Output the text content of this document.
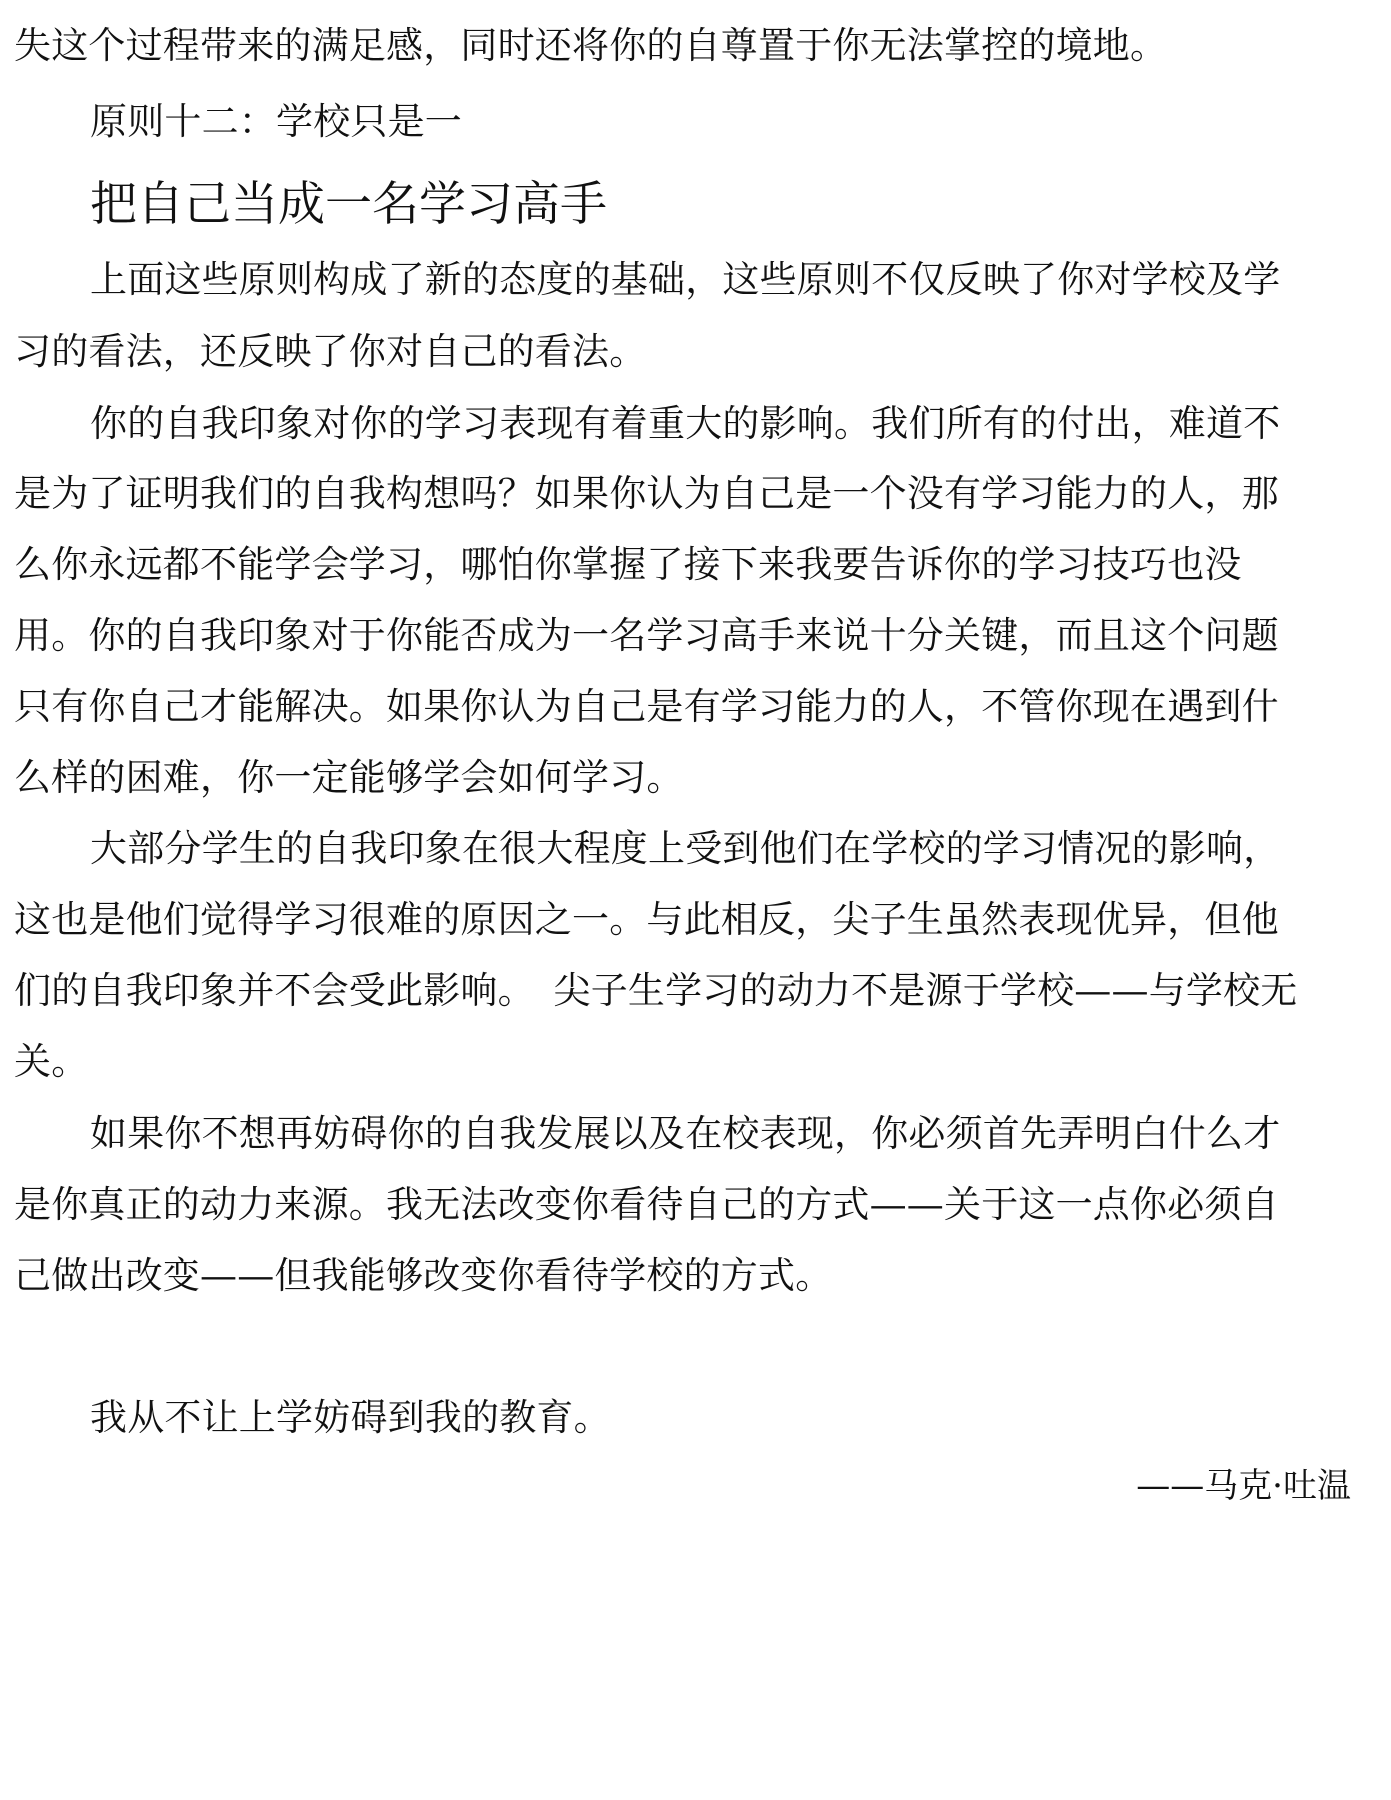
失这个过程带来的满足感，同时还将你的自尊置于你无法掌控的境地。
原则十二：学校只是一
把自己当成一名学习高手
上面这些原则构成了新的态度的基础，这些原则不仅反映了你对学校及学
习的看法，还反映了你对自己的看法。
你的自我印象对你的学习表现有着重大的影响。我们所有的付出，难道不
是为了证明我们的自我构想吗？如果你认为自己是一个没有学习能力的人，那
么你永远都不能学会学习，哪怕你掌握了接下来我要告诉你的学习技巧也没
用。你的自我印象对于你能否成为一名学习高手来说十分关键，而且这个问题
只有你自己才能解决。如果你认为自己是有学习能力的人，不管你现在遇到什
么样的困难，你一定能够学会如何学习。
大部分学生的自我印象在很大程度上受到他们在学校的学习情况的影响，
这也是他们觉得学习很难的原因之一。与此相反，尖子生虽然表现优异，但他
们的自我印象并不会受此影响。　尖子生学习的动力不是源于学校——与学校无
关。
如果你不想再妨碍你的自我发展以及在校表现，你必须首先弄明白什么才
是你真正的动力来源。我无法改变你看待自己的方式——关于这一点你必须自
己做出改变——但我能够改变你看待学校的方式。
我从不让上学妨碍到我的教育。
——马克·吐温
